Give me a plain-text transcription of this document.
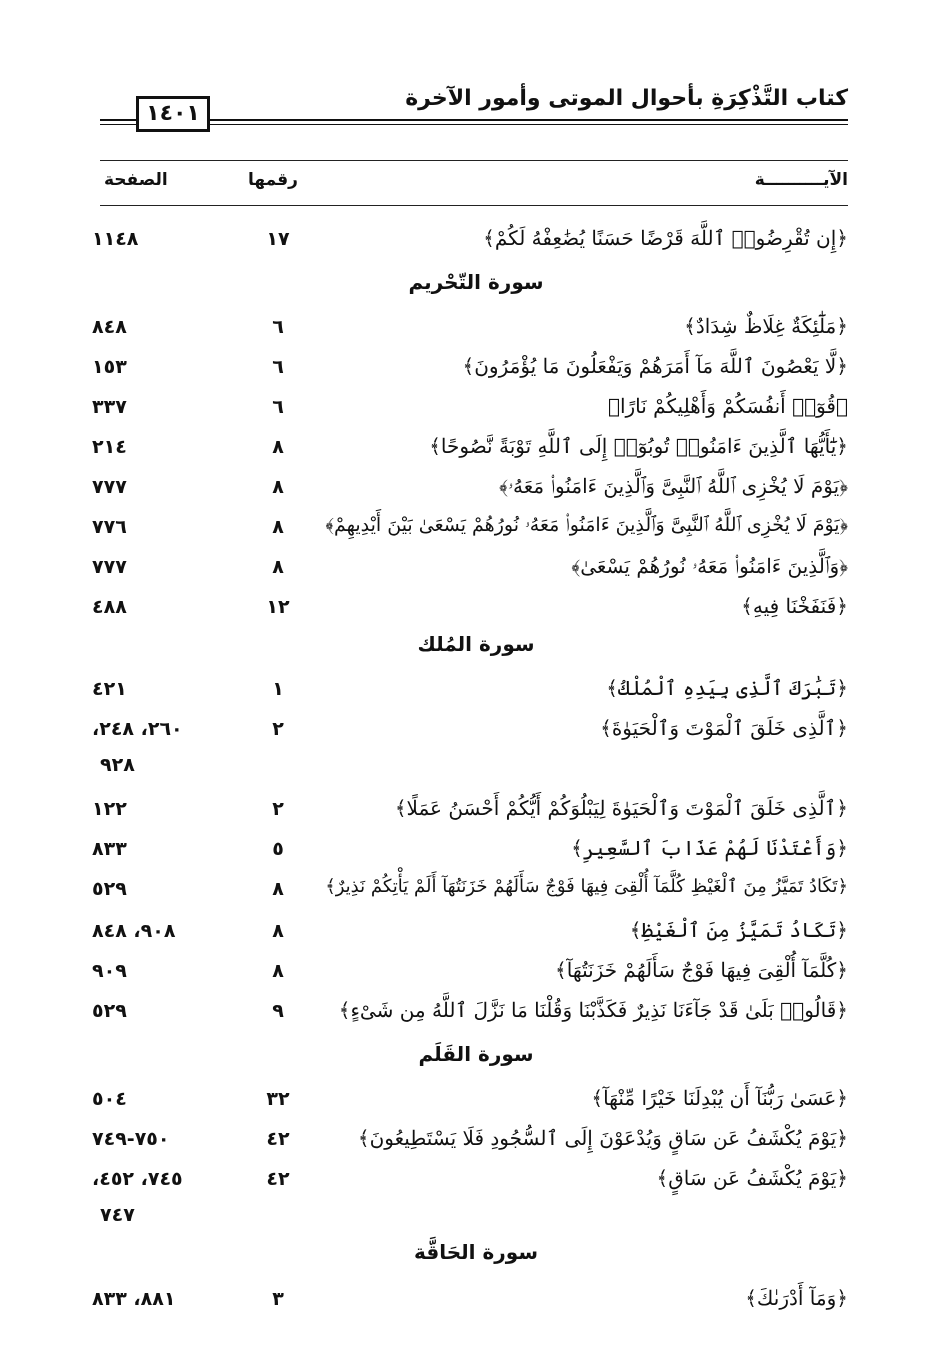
كتاب التَّذْكِرَةِ بأحوال الموتى وأمور الآخرة
١٤٠١
الآيــــــــــة
رقمها
الصفحة
﴿إِن تُقْرِضُوا۟ ٱللَّهَ قَرْضًا حَسَنًا يُضَٰعِفْهُ لَكُمْ﴾
١٧
١١٤٨
سورة التّحْريم
﴿مَلَٰٓئِكَةٌ غِلَاظٌ شِدَادٌ﴾
٦
٨٤٨
﴿لَّا يَعْصُونَ ٱللَّهَ مَآ أَمَرَهُمْ وَيَفْعَلُونَ مَا يُؤْمَرُونَ﴾
٦
١٥٣
﴿قُوٓا۟ أَنفُسَكُمْ وَأَهْلِيكُمْ نَارًا﴾
٦
٣٣٧
﴿يَٰٓأَيُّهَا ٱلَّذِينَ ءَامَنُوا۟ تُوبُوٓا۟ إِلَى ٱللَّهِ تَوْبَةً نَّصُوحًا﴾
٨
٢١٤
﴿يَوْمَ لَا يُخْزِى ٱللَّهُ ٱلنَّبِىَّ وَٱلَّذِينَ ءَامَنُوا۟ مَعَهُۥ﴾
٨
٧٧٧
﴿يَوْمَ لَا يُخْزِى ٱللَّهُ ٱلنَّبِىَّ وَٱلَّذِينَ ءَامَنُوا۟ مَعَهُۥ نُورُهُمْ يَسْعَىٰ بَيْنَ أَيْدِيهِمْ﴾
٨
٧٧٦
﴿وَٱلَّذِينَ ءَامَنُوا۟ مَعَهُۥ نُورُهُمْ يَسْعَىٰ﴾
٨
٧٧٧
﴿فَنَفَخْنَا فِيهِ﴾
١٢
٤٨٨
سورة المُلك
﴿تَبَٰرَكَ ٱلَّذِى بِيَدِهِ ٱلْمُلْكُ﴾
١
٤٢١
﴿ٱلَّذِى خَلَقَ ٱلْمَوْتَ وَٱلْحَيَوٰةَ﴾
٢
٢٦٠، ٢٤٨،
٩٢٨
﴿ٱلَّذِى خَلَقَ ٱلْمَوْتَ وَٱلْحَيَوٰةَ لِيَبْلُوَكُمْ أَيُّكُمْ أَحْسَنُ عَمَلًا﴾
٢
١٢٢
﴿وَأَعْتَدْنَا لَهُمْ عَذَابَ ٱلسَّعِيرِ﴾
٥
٨٣٣
﴿تَكَادُ تَمَيَّزُ مِنَ ٱلْغَيْظِ كُلَّمَآ أُلْقِىَ فِيهَا فَوْجٌ سَأَلَهُمْ خَزَنَتُهَآ أَلَمْ يَأْتِكُمْ نَذِيرٌ﴾
٨
٥٢٩
﴿تَكَادُ تَمَيَّزُ مِنَ ٱلْغَيْظِ﴾
٨
٩٠٨، ٨٤٨
﴿كُلَّمَآ أُلْقِىَ فِيهَا فَوْجٌ سَأَلَهُمْ خَزَنَتُهَآ﴾
٨
٩٠٩
﴿قَالُوا۟ بَلَىٰ قَدْ جَآءَنَا نَذِيرٌ فَكَذَّبْنَا وَقُلْنَا مَا نَزَّلَ ٱللَّهُ مِن شَىْءٍ﴾
٩
٥٢٩
سورة القَلَم
﴿عَسَىٰ رَبُّنَآ أَن يُبْدِلَنَا خَيْرًا مِّنْهَآ﴾
٣٢
٥٠٤
﴿يَوْمَ يُكْشَفُ عَن سَاقٍ وَيُدْعَوْنَ إِلَى ٱلسُّجُودِ فَلَا يَسْتَطِيعُونَ﴾
٤٢
٧٥٠-٧٤٩
﴿يَوْمَ يُكْشَفُ عَن سَاقٍ﴾
٤٢
٧٤٥، ٤٥٢،
٧٤٧
سورة الحَاقَّة
﴿وَمَآ أَدْرَىٰكَ﴾
٣
٨٨١، ٨٣٣
